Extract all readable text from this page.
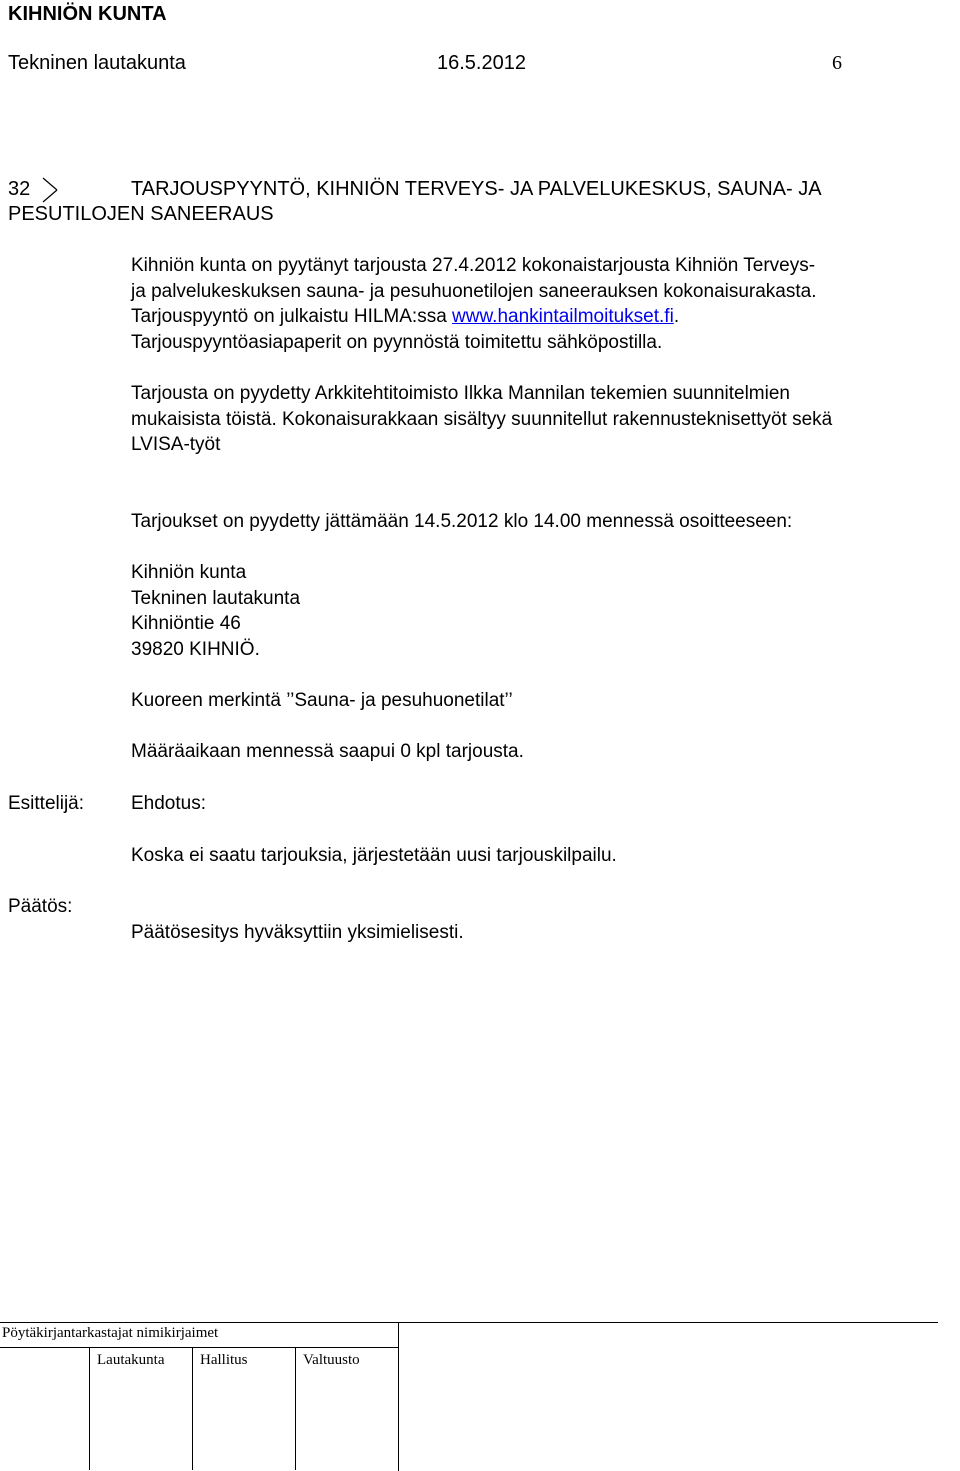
KIHNIÖN KUNTA
Tekninen lautakunta	16.5.2012	6
32	TARJOUSPYYNTÖ, KIHNIÖN TERVEYS- JA PALVELUKESKUS, SAUNA- JA
PESUTILOJEN SANEERAUS
Kihniön kunta on pyytänyt tarjousta 27.4.2012 kokonaistarjousta Kihniön Terveys-
ja palvelukeskuksen sauna- ja pesuhuonetilojen saneerauksen kokonaisurakasta.
Tarjouspyyntö on julkaistu HILMA:ssa www.hankintailmoitukset.fi.
Tarjouspyyntöasiapaperit on pyynnöstä toimitettu sähköpostilla.
Tarjousta on pyydetty Arkkitehtitoimisto Ilkka Mannilan tekemien suunnitelmien
mukaisista töistä. Kokonaisurakkaan sisältyy suunnitellut rakennusteknisettyöt sekä
LVISA-työt
Tarjoukset on pyydetty jättämään 14.5.2012 klo 14.00 mennessä osoitteeseen:
Kihniön kunta
Tekninen lautakunta
Kihniöntie 46
39820 KIHNIÖ.
Kuoreen merkintä ’’Sauna- ja pesuhuonetilat’’
Määräaikaan mennessä saapui 0 kpl tarjousta.
Esittelijä: Ehdotus:
Koska ei saatu tarjouksia, järjestetään uusi tarjouskilpailu.
Päätös:
Päätösesitys hyväksyttiin yksimielisesti.
Pöytäkirjantarkastajat nimikirjaimet
Lautakunta Hallitus	Valtuusto
